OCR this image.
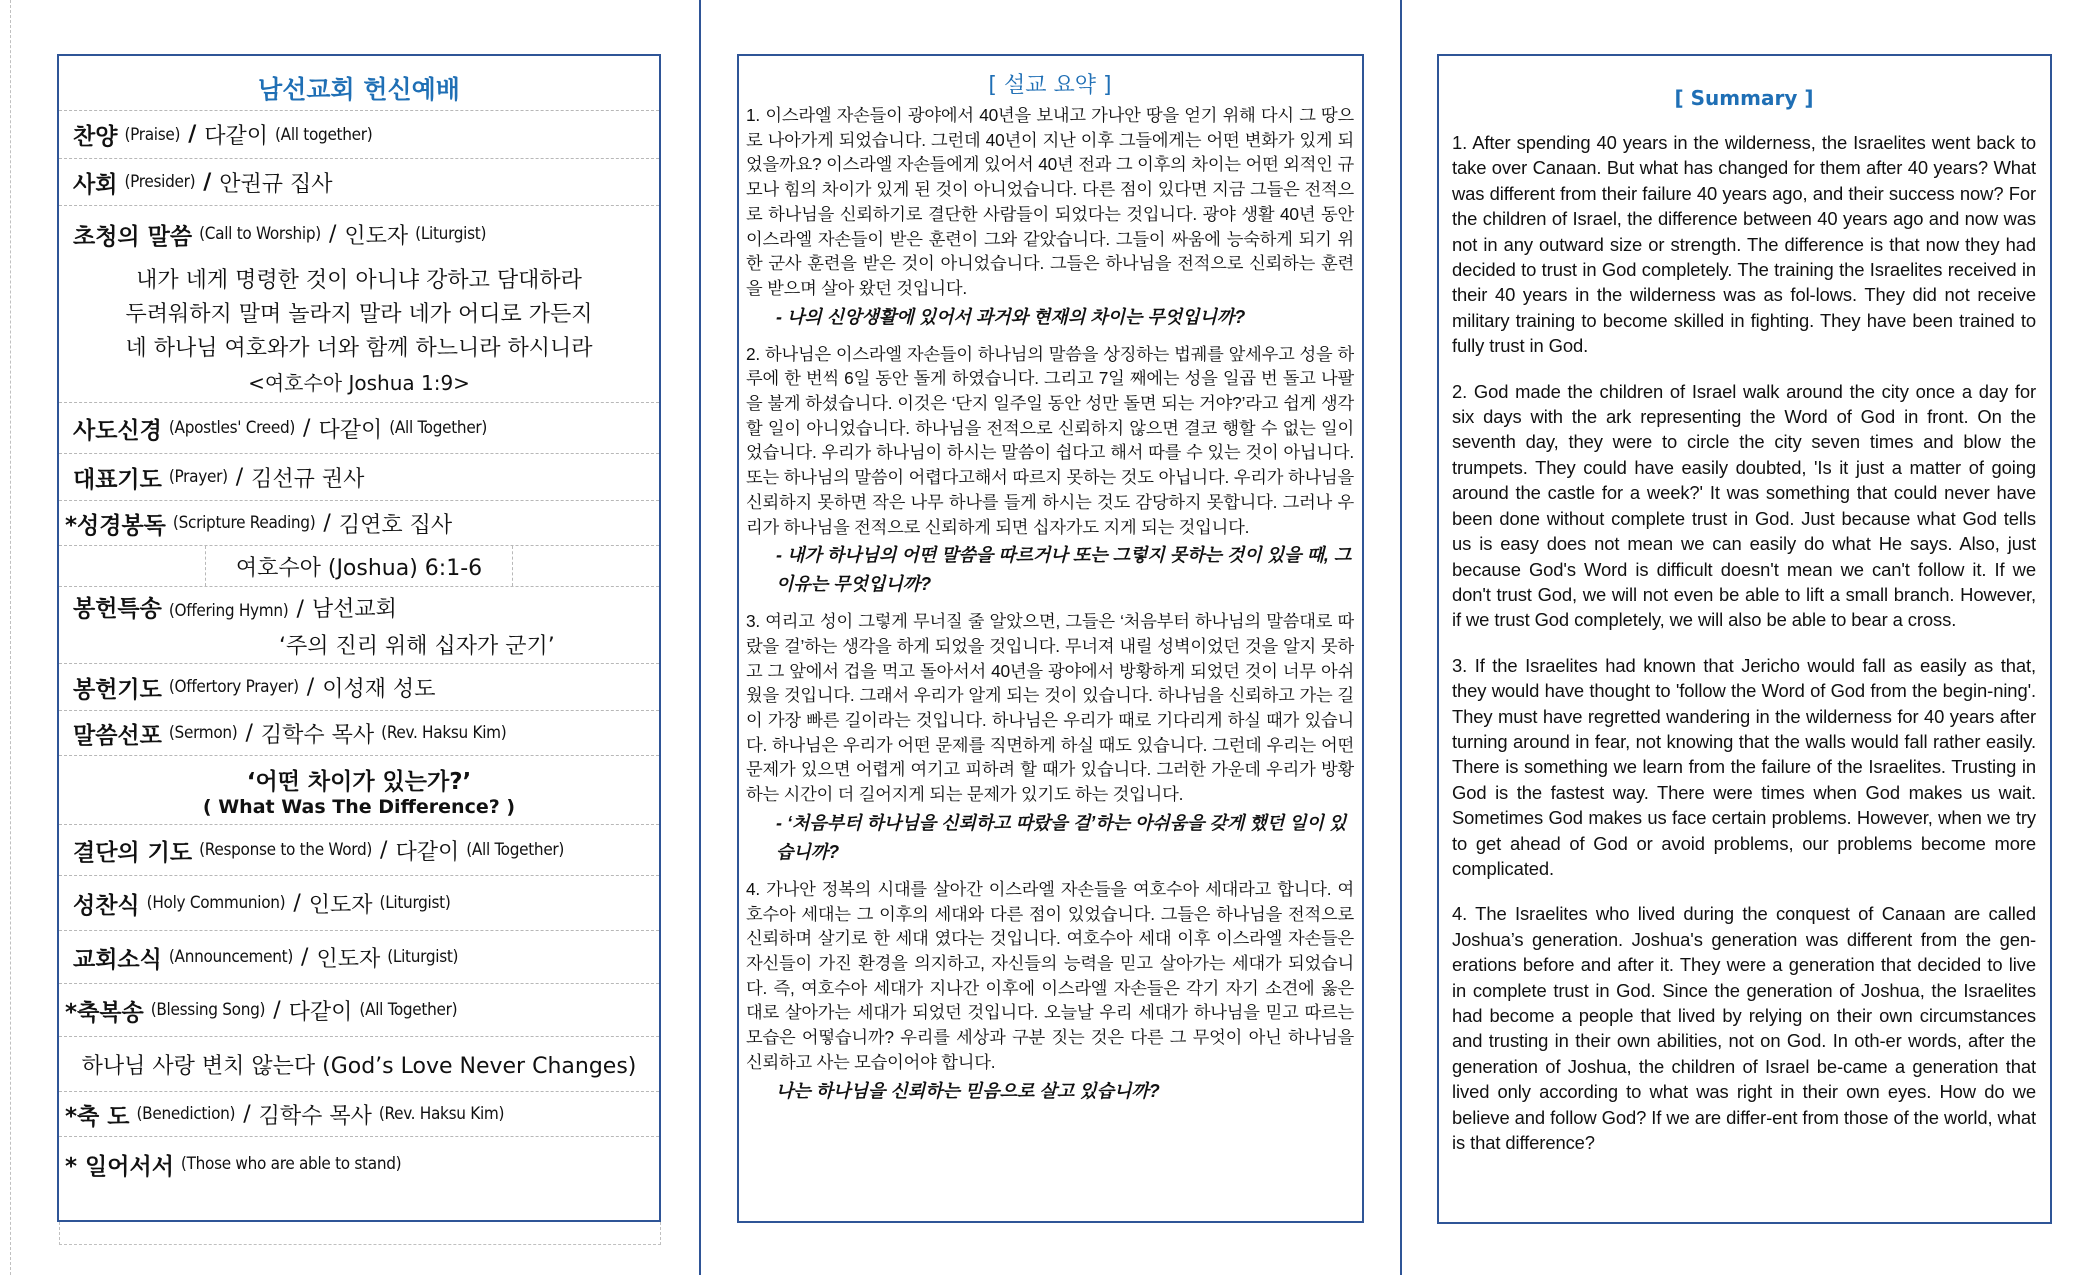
남선교회 헌신예배
찬양
(Praise) / 다같이
(All together)
사회
(Presider) / 안권규 집사
초청의 말씀
(Call to Worship) / 인도자
(Liturgist)
내가 네게 명령한 것이 아니냐 강하고 담대하라
두려워하지 말며 놀라지 말라 네가 어디로 가든지
네 하나님 여호와가 너와 함께 하느니라 하시니라
<여호수아 Joshua 1:9>
사도신경
(Apostles' Creed) / 다같이
(All Together)
대표기도
(Prayer) / 김선규 권사
*성경봉독
(Scripture Reading) / 김연호 집사
여호수아 (Joshua) 6:1-6
봉헌특송 (Offering Hymn) / 남선교회
‘주의 진리 위해 십자가 군기’
봉헌기도
(Offertory Prayer) / 이성재 성도
말씀선포
(Sermon) / 김학수 목사
(Rev. Haksu Kim)
‘어떤 차이가 있는가?’
( What Was The Difference? )
결단의 기도
(Response to the Word) / 다같이
(All Together)
성찬식
(Holy Communion) / 인도자
(Liturgist)
교회소식
(Announcement) / 인도자
(Liturgist)
*축복송
(Blessing Song) / 다같이
(All Together)
하나님 사랑 변치 않는다 (God’s Love Never Changes)
*축 도
(Benediction) / 김학수 목사
(Rev. Haksu Kim)
* 일어서서
(Those who are able to stand)
[ 설교 요약 ]

1. 이스라엘 자손들이 광야에서 40년을 보내고 가나안 땅을 얻기 위해 다시 그 땅으로 나아가게 되었습니다. 그런데 40년이 지난 이후 그들에게는 어떤 변화가 있게 되었을까요? 이스라엘 자손들에게 있어서 40년 전과 그 이후의 차이는 어떤 외적인 규모나 힘의 차이가 있게 된 것이 아니었습니다. 다른 점이 있다면 지금 그들은 전적으로 하나님을 신뢰하기로 결단한 사람들이 되었다는 것입니다. 광야 생활 40년 동안 이스라엘 자손들이 받은 훈련이 그와 같았습니다. 그들이 싸움에 능숙하게 되기 위한 군사 훈련을 받은 것이 아니었습니다. 그들은 하나님을 전적으로 신뢰하는 훈련을 받으며 살아 왔던 것입니다.

- 나의 신앙생활에 있어서 과거와 현재의 차이는 무엇입니까?

2. 하나님은 이스라엘 자손들이 하나님의 말씀을 상징하는 법궤를 앞세우고 성을 하루에 한 번씩 6일 동안 돌게 하였습니다. 그리고 7일 째에는 성을 일곱 번 돌고 나팔을 불게 하셨습니다. 이것은 ‘단지 일주일 동안 성만 돌면 되는 거야?’라고 쉽게 생각할 일이 아니었습니다. 하나님을 전적으로 신뢰하지 않으면 결코 행할 수 없는 일이었습니다. 우리가 하나님이 하시는 말씀이 쉽다고 해서 따를 수 있는 것이 아닙니다. 또는 하나님의 말씀이 어렵다고해서 따르지 못하는 것도 아닙니다. 우리가 하나님을 신뢰하지 못하면 작은 나무 하나를 들게 하시는 것도 감당하지 못합니다. 그러나 우리가 하나님을 전적으로 신뢰하게 되면 십자가도 지게 되는 것입니다.

- 내가 하나님의 어떤 말씀을 따르거나 또는 그렇지 못하는 것이 있을 때, 그 이유는 무엇입니까?

3. 여리고 성이 그렇게 무너질 줄 알았으면, 그들은 ‘처음부터 하나님의 말씀대로 따랐을 걸’하는 생각을 하게 되었을 것입니다. 무너져 내릴 성벽이었던 것을 알지 못하고 그 앞에서 겁을 먹고 돌아서서 40년을 광야에서 방황하게 되었던 것이 너무 아쉬웠을 것입니다. 그래서 우리가 알게 되는 것이 있습니다. 하나님을 신뢰하고 가는 길이 가장 빠른 길이라는 것입니다. 하나님은 우리가 때로 기다리게 하실 때가 있습니다. 하나님은 우리가 어떤 문제를 직면하게 하실 때도 있습니다. 그런데 우리는 어떤 문제가 있으면 어렵게 여기고 피하려 할 때가 있습니다. 그러한 가운데 우리가 방황하는 시간이 더 길어지게 되는 문제가 있기도 하는 것입니다.

- ‘처음부터 하나님을 신뢰하고 따랐을 걸’하는 아쉬움을 갖게 했던 일이 있습니까?

4. 가나안 정복의 시대를 살아간 이스라엘 자손들을 여호수아 세대라고 합니다. 여호수아 세대는 그 이후의 세대와 다른 점이 있었습니다. 그들은 하나님을 전적으로 신뢰하며 살기로 한 세대 였다는 것입니다. 여호수아 세대 이후 이스라엘 자손들은 자신들이 가진 환경을 의지하고, 자신들의 능력을 믿고 살아가는 세대가 되었습니다. 즉, 여호수아 세대가 지나간 이후에 이스라엘 자손들은 각기 자기 소견에 옳은 대로 살아가는 세대가 되었던 것입니다. 오늘날 우리 세대가 하나님을 믿고 따르는 모습은 어떻습니까? 우리를 세상과 구분 짓는 것은 다른 그 무엇이 아닌 하나님을 신뢰하고 사는 모습이어야 합니다.

나는 하나님을 신뢰하는 믿음으로 살고 있습니까?
[ Summary ]

1. After spending 40 years in the wilderness, the Israelites went back to take over Canaan. But what has changed for them after 40 years? What was different from their failure 40 years ago, and their success now? For the children of Israel, the difference between 40 years ago and now was not in any outward size or strength. The difference is that now they had decided to trust in God completely. The training the Israelites received in their 40 years in the wilderness was as fol-lows. They did not receive military training to become skilled in fighting. They have been trained to fully trust in God.

2. God made the children of Israel walk around the city once a day for six days with the ark representing the Word of God in front. On the seventh day, they were to circle the city seven times and blow the trumpets. They could have easily doubted, 'Is it just a matter of going around the castle for a week?' It was something that could never have been done without complete trust in God. Just because what God tells us is easy does not mean we can easily do what He says. Also, just because God's Word is difficult doesn't mean we can't follow it. If we don't trust God, we will not even be able to lift a small branch. However, if we trust God completely, we will also be able to bear a cross.

3. If the Israelites had known that Jericho would fall as easily as that, they would have thought to 'follow the Word of God from the begin-ning'. They must have regretted wandering in the wilderness for 40 years after turning around in fear, not knowing that the walls would fall rather easily. There is something we learn from the failure of the Israelites. Trusting in God is the fastest way. There were times when God makes us wait. Sometimes God makes us face certain problems. However, when we try to get ahead of God or avoid problems, our problems become more complicated.

4. The Israelites who lived during the conquest of Canaan are called Joshua’s generation. Joshua's generation was different from the gen-erations before and after it. They were a generation that decided to live in complete trust in God. Since the generation of Joshua, the Israelites had become a people that lived by relying on their own circumstances and trusting in their own abilities, not on God. In oth-er words, after the generation of Joshua, the children of Israel be-came a generation that lived only according to what was right in their own eyes. How do we believe and follow God? If we are differ-ent from those of the world, what is that difference?
